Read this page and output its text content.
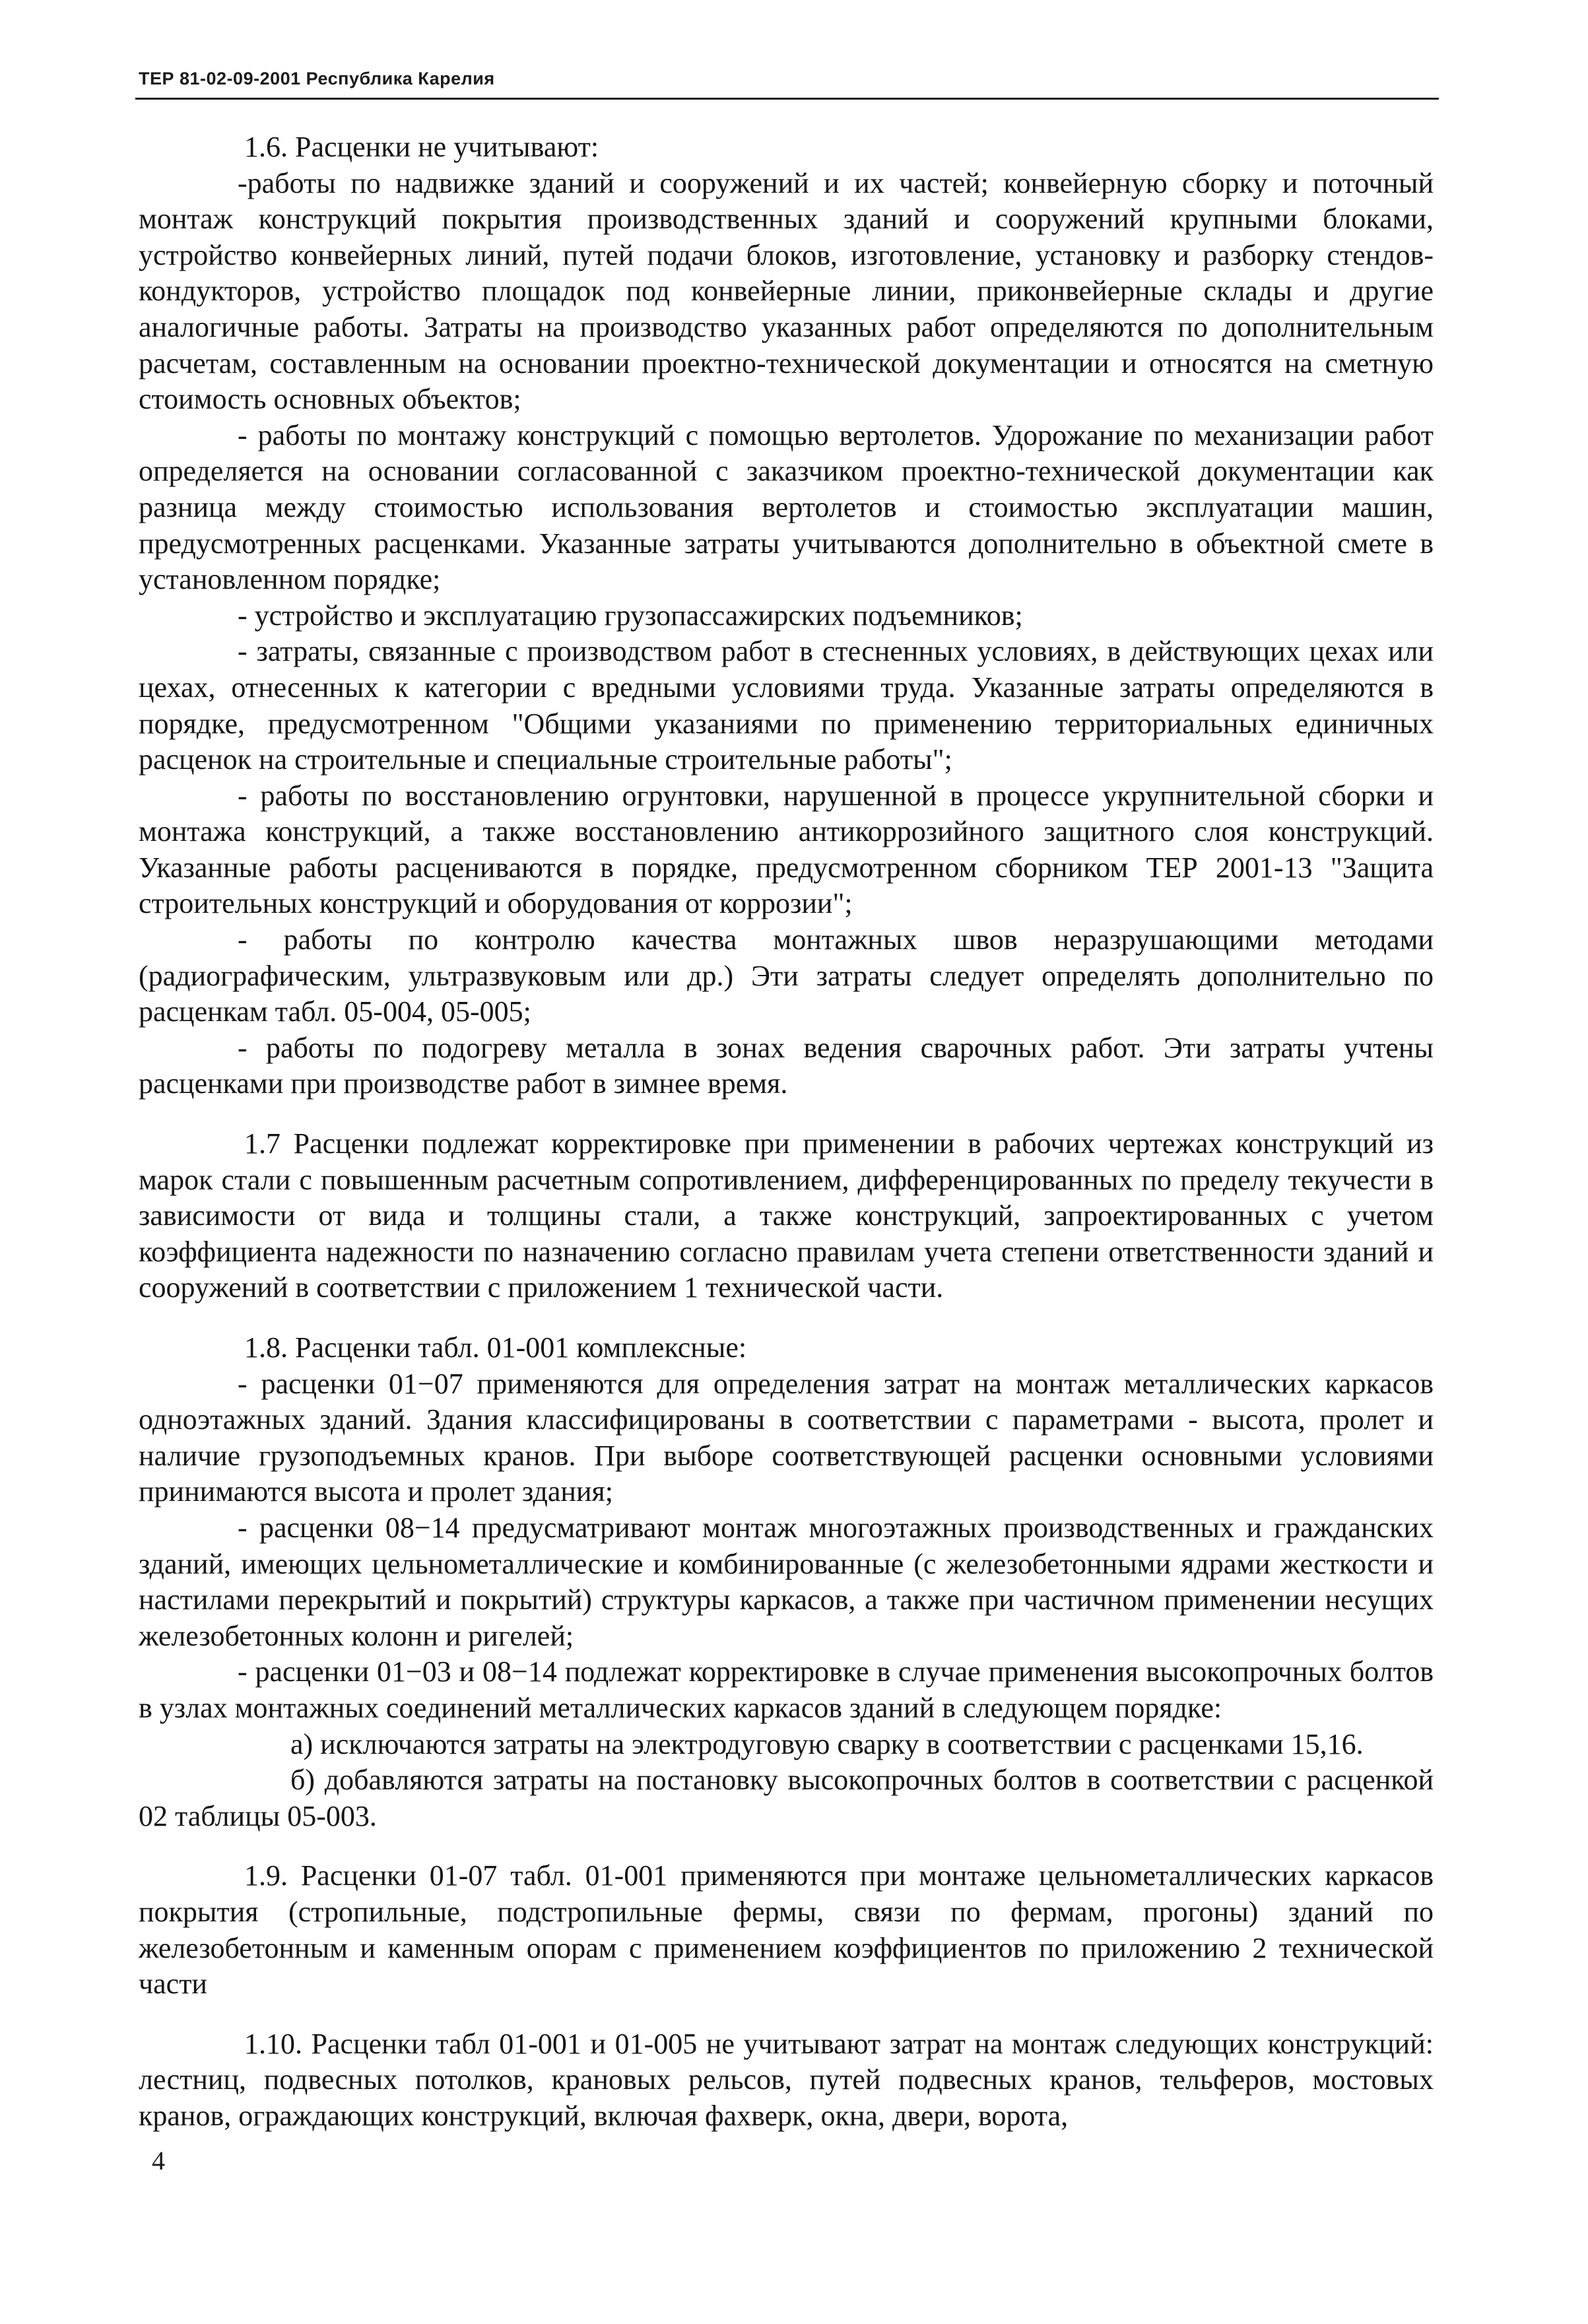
ТЕР 81-02-09-2001 Республика Карелия

1.6. Расценки не учитывают:

-работы по надвижке зданий и сооружений и их частей; конвейерную сборку и поточный монтаж конструкций покрытия производственных зданий и сооружений крупными блоками, устройство конвейерных линий, путей подачи блоков, изготовление, установку и разборку стендов-кондукторов, устройство площадок под конвейерные линии, приконвейерные склады и другие аналогичные работы. Затраты на производство указанных работ определяются по дополнительным расчетам, составленным на основании проектно-технической документации и относятся на сметную стоимость основных объектов;

- работы по монтажу конструкций с помощью вертолетов. Удорожание по механизации работ определяется на основании согласованной с заказчиком проектно-технической документации как разница между стоимостью использования вертолетов и стоимостью эксплуатации машин, предусмотренных расценками. Указанные затраты учитываются дополнительно в объектной смете в установленном порядке;

- устройство и эксплуатацию грузопассажирских подъемников;

- затраты, связанные с производством работ в стесненных условиях, в действующих цехах или цехах, отнесенных к категории с вредными условиями труда. Указанные затраты определяются в порядке, предусмотренном "Общими указаниями по применению территориальных единичных расценок на строительные и специальные строительные работы";

- работы по восстановлению огрунтовки, нарушенной в процессе укрупнительной сборки и монтажа конструкций, а также восстановлению антикоррозийного защитного слоя конструкций. Указанные работы расцениваются в порядке, предусмотренном сборником ТЕР 2001-13 "Защита строительных конструкций и оборудования от коррозии";

- работы по контролю качества монтажных швов неразрушающими методами (радиографическим, ультразвуковым или др.) Эти затраты следует определять дополнительно по расценкам табл. 05-004, 05-005;

- работы по подогреву металла в зонах ведения сварочных работ. Эти затраты учтены расценками при производстве работ в зимнее время.

1.7 Расценки подлежат корректировке при применении в рабочих чертежах конструкций из марок стали с повышенным расчетным сопротивлением, дифференцированных по пределу текучести в зависимости от вида и толщины стали, а также конструкций, запроектированных с учетом коэффициента надежности по назначению согласно правилам учета степени ответственности зданий и сооружений в соответствии с приложением 1 технической части.

1.8. Расценки табл. 01-001 комплексные:

- расценки 01−07 применяются для определения затрат на монтаж металлических каркасов одноэтажных зданий. Здания классифицированы в соответствии с параметрами - высота, пролет и наличие грузоподъемных кранов. При выборе соответствующей расценки основными условиями принимаются высота и пролет здания;

- расценки 08−14 предусматривают монтаж многоэтажных производственных и гражданских зданий, имеющих цельнометаллические и комбинированные (с железобетонными ядрами жесткости и настилами перекрытий и покрытий) структуры каркасов, а также при частичном применении несущих железобетонных колонн и ригелей;

- расценки 01−03 и 08−14 подлежат корректировке в случае применения высокопрочных болтов в узлах монтажных соединений металлических каркасов зданий в следующем порядке:

а) исключаются затраты на электродуговую сварку в соответствии с расценками 15,16.

б) добавляются затраты на постановку высокопрочных болтов в соответствии с расценкой 02 таблицы 05-003.

1.9. Расценки 01-07 табл. 01-001 применяются при монтаже цельнометаллических каркасов покрытия (стропильные, подстропильные фермы, связи по фермам, прогоны) зданий по железобетонным и каменным опорам с применением коэффициентов по приложению 2 технической части

1.10. Расценки табл 01-001 и 01-005 не учитывают затрат на монтаж следующих конструкций: лестниц, подвесных потолков, крановых рельсов, путей подвесных кранов, тельферов, мостовых кранов, ограждающих конструкций, включая фахверк, окна, двери, ворота,

4
